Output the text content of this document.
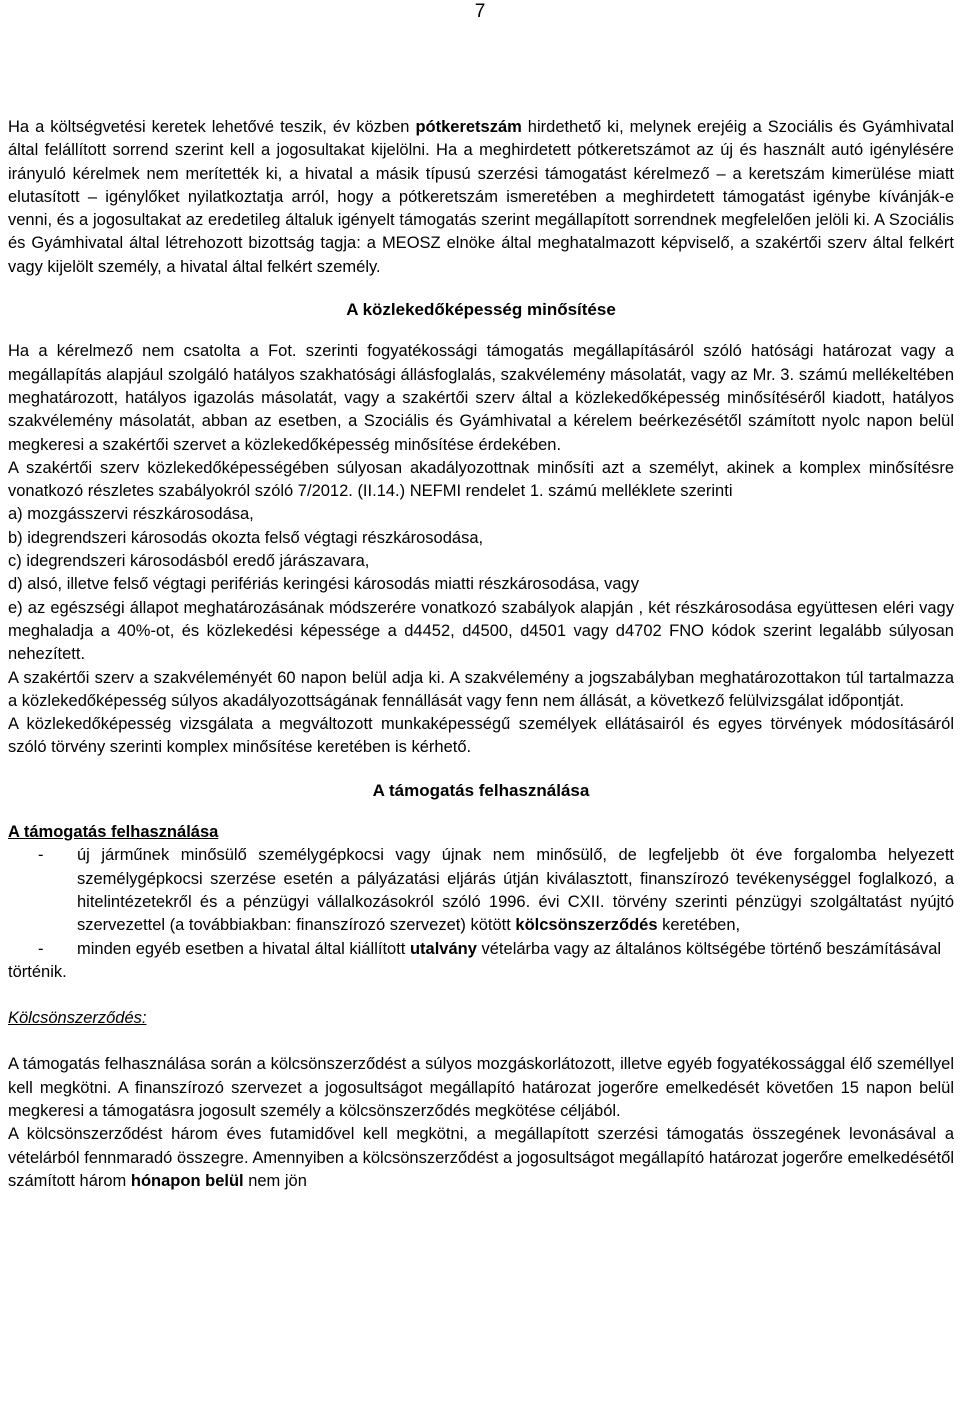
7

Ha a költségvetési keretek lehetővé teszik, év közben pótkeretszám hirdethető ki, melynek erejéig a Szociális és Gyámhivatal által felállított sorrend szerint kell a jogosultakat kijelölni. Ha a meghirdetett pótkeretszámot az új és használt autó igénylésére irányuló kérelmek nem merítették ki, a hivatal a másik típusú szerzési támogatást kérelmező – a keretszám kimerülése miatt elutasított – igénylőket nyilatkoztatja arról, hogy a pótkeretszám ismeretében a meghirdetett támogatást igénybe kívánják-e venni, és a jogosultakat az eredetileg általuk igényelt támogatás szerint megállapított sorrendnek megfelelően jelöli ki. A Szociális és Gyámhivatal által létrehozott bizottság tagja: a MEOSZ elnöke által meghatalmazott képviselő, a szakértői szerv által felkért vagy kijelölt személy, a hivatal által felkért személy.

A közlekedőképesség minősítése

Ha a kérelmező nem csatolta a Fot. szerinti fogyatékossági támogatás megállapításáról szóló hatósági határozat vagy a megállapítás alapjául szolgáló hatályos szakhatósági állásfoglalás, szakvélemény másolatát, vagy az Mr. 3. számú mellékeltében meghatározott, hatályos igazolás másolatát, vagy a szakértői szerv által a közlekedőképesség minősítéséről kiadott, hatályos szakvélemény másolatát, abban az esetben, a Szociális és Gyámhivatal a kérelem beérkezésétől számított nyolc napon belül megkeresi a szakértői szervet a közlekedőképesség minősítése érdekében.

A szakértői szerv közlekedőképességében súlyosan akadályozottnak minősíti azt a személyt, akinek a komplex minősítésre vonatkozó részletes szabályokról szóló 7/2012. (II.14.) NEFMI rendelet 1. számú melléklete szerinti

a) mozgásszervi részkárosodása,

b) idegrendszeri károsodás okozta felső végtagi részkárosodása,

c) idegrendszeri károsodásból eredő járászavara,

d) alsó, illetve felső végtagi perifériás keringési károsodás miatti részkárosodása, vagy

e) az egészségi állapot meghatározásának módszerére vonatkozó szabályok alapján , két részkárosodása együttesen eléri vagy meghaladja a 40%-ot, és közlekedési képessége a d4452, d4500, d4501 vagy d4702 FNO kódok szerint legalább súlyosan nehezített.

A szakértői szerv a szakvéleményét 60 napon belül adja ki. A szakvélemény a jogszabályban meghatározottakon túl tartalmazza a közlekedőképesség súlyos akadályozottságának fennállását vagy fenn nem állását, a következő felülvizsgálat időpontját.

A közlekedőképesség vizsgálata a megváltozott munkaképességű személyek ellátásairól és egyes törvények módosításáról szóló törvény szerinti komplex minősítése keretében is kérhető.

A támogatás felhasználása

A támogatás felhasználása

- új járműnek minősülő személygépkocsi vagy újnak nem minősülő, de legfeljebb öt éve forgalomba helyezett személygépkocsi szerzése esetén a pályázatási eljárás útján kiválasztott, finanszírozó tevékenységgel foglalkozó, a hitelintézetekről és a pénzügyi vállalkozásokról szóló 1996. évi CXII. törvény szerinti pénzügyi szolgáltatást nyújtó szervezettel (a továbbiakban: finanszírozó szervezet) kötött kölcsönszerződés keretében,
- minden egyéb esetben a hivatal által kiállított utalvány vételárba vagy az általános költségébe történő beszámításával

történik.

Kölcsönszerződés:

A támogatás felhasználása során a kölcsönszerződést a súlyos mozgáskorlátozott, illetve egyéb fogyatékossággal élő személlyel kell megkötni. A finanszírozó szervezet a jogosultságot megállapító határozat jogerőre emelkedését követően 15 napon belül megkeresi a támogatásra jogosult személy a kölcsönszerződés megkötése céljából.

A kölcsönszerződést három éves futamidővel kell megkötni, a megállapított szerzési támogatás összegének levonásával a vételárból fennmaradó összegre. Amennyiben a kölcsönszerződést a jogosultságot megállapító határozat jogerőre emelkedésétől számított három hónapon belül nem jön
